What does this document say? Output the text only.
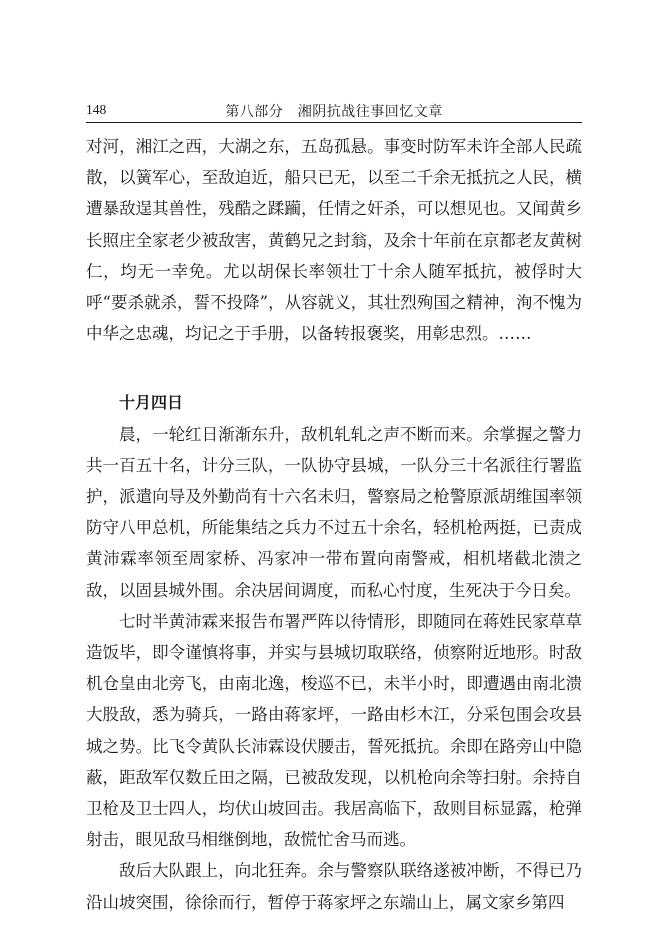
148	第八部分　湘阴抗战往事回忆文章

对河，湘江之西，大湖之东，五岛孤悬。事变时防军未许全部人民疏散，以簧军心，至敌迫近，船只已无，以至二千余无抵抗之人民，横遭暴敌逞其兽性，残酷之蹂躏，任情之奸杀，可以想见也。又闻黄乡长照庄全家老少被敌害，黄鹤兄之封翁，及余十年前在京都老友黄树仁，均无一幸免。尤以胡保长率领壮丁十余人随军抵抗，被俘时大呼“要杀就杀，誓不投降”，从容就义，其壮烈殉国之精神，洵不愧为中华之忠魂，均记之于手册，以备转报褒奖，用彰忠烈。……

十月四日

晨，一轮红日渐渐东升，敌机轧轧之声不断而来。余掌握之警力共一百五十名，计分三队，一队协守县城，一队分三十名派往行署监护，派遣向导及外勤尚有十六名未归，警察局之枪警原派胡维国率领防守八甲总机，所能集结之兵力不过五十余名，轻机枪两挺，已责成黄沛霖率领至周家桥、冯家冲一带布置向南警戒，相机堵截北溃之敌，以固县城外围。余决居间调度，而私心忖度，生死决于今日矣。

七时半黄沛霖来报告布署严阵以待情形，即随同在蒋姓民家草草造饭毕，即令谨慎将事，并实与县城切取联络，侦察附近地形。时敌机仓皇由北旁飞，由南北逸，梭巡不已，未半小时，即遭遇由南北溃大股敌，悉为骑兵，一路由蒋家坪，一路由杉木江，分采包围会攻县城之势。比飞令黄队长沛霖设伏腰击，誓死抵抗。余即在路旁山中隐蔽，距敌军仅数丘田之隔，已被敌发现，以机枪向余等扫射。余持自卫枪及卫士四人，均伏山坡回击。我居高临下，敌则目标显露，枪弹射击，眼见敌马相继倒地，敌慌忙舍马而逃。

敌后大队跟上，向北狂奔。余与警察队联络遂被冲断，不得已乃沿山坡突围，徐徐而行，暂停于蒋家坪之东端山上，属文家乡第四
